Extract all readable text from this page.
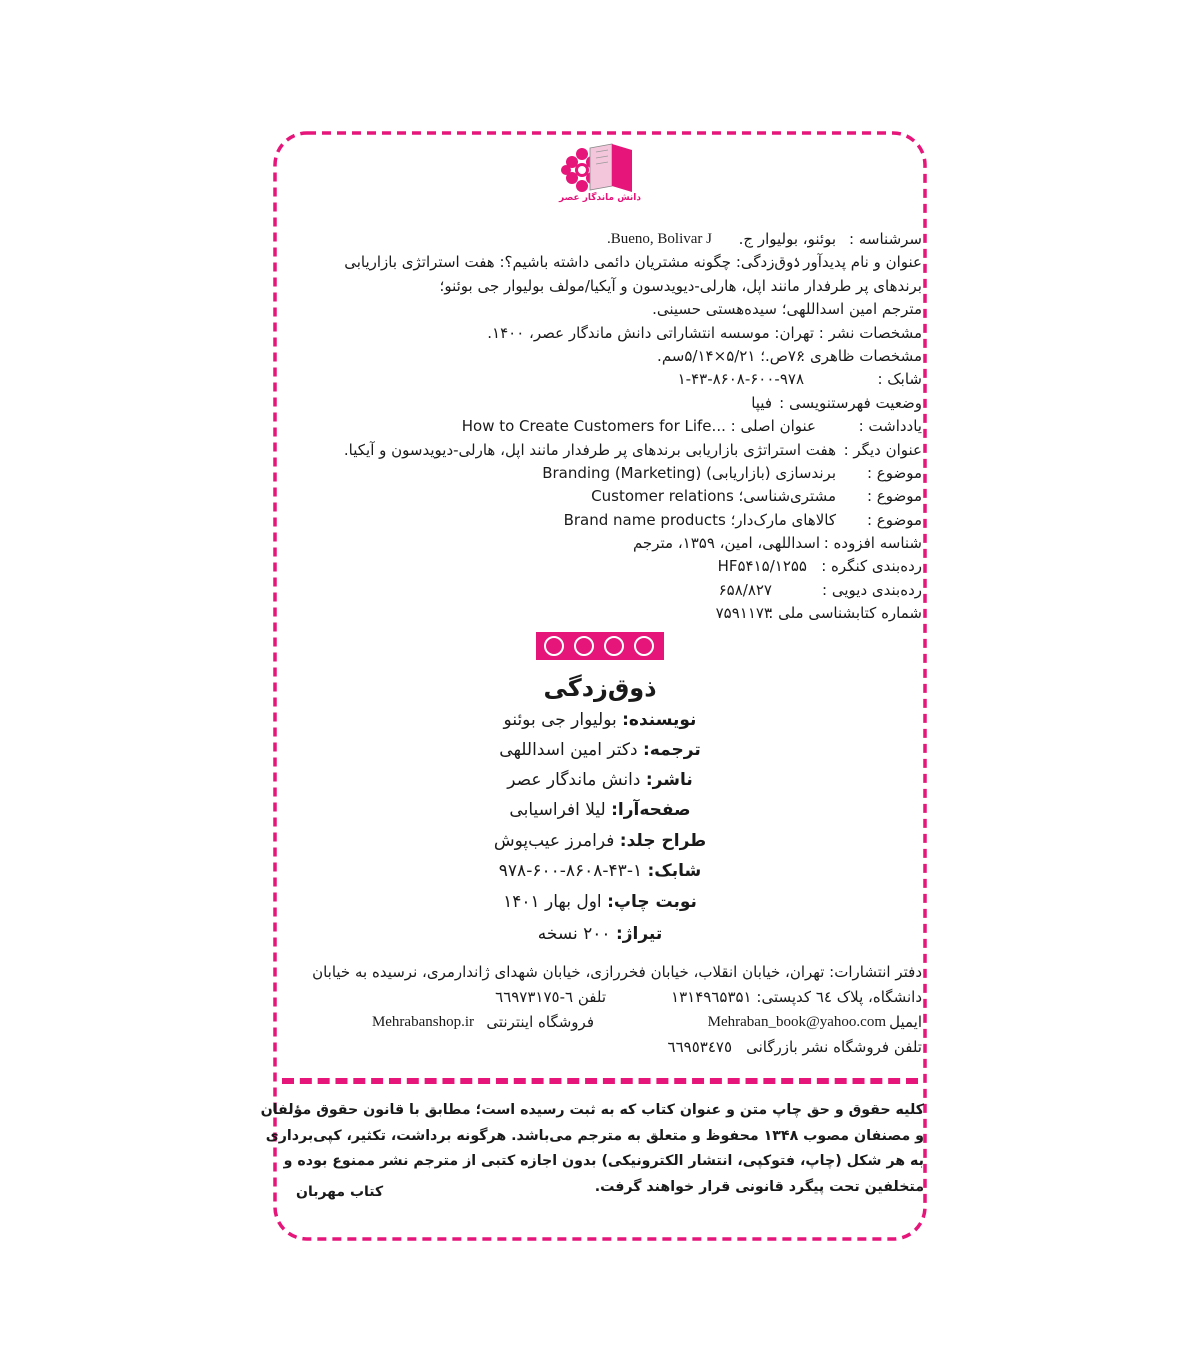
دانش ماندگار عصر
سرشناسه :
بوئنو، بولیوار ج.
Bueno, Bolivar J.
عنوان و نام پدیدآور :
ذوق‌زدگی: چگونه مشتریان دائمی داشته باشیم؟: هفت استراتژی بازاریابی
برندهای پر طرفدار مانند اپل، هارلی-دیویدسون و آیکیا/مولف بولیوار جی بوئنو؛
مترجم امین اسداللهی؛ سیده‌هستی حسینی.
مشخصات نشر :
تهران: موسسه انتشاراتی دانش ماندگار عصر، ۱۴۰۰.
مشخصات ظاهری :
۷۶ص.؛ ۵/۲۱×۵/۱۴سم.
شابک :
۱-۴۳-۸۶۰۸-۶۰۰-۹۷۸
وضعیت فهرستنویسی :
فیپا
یادداشت :
عنوان اصلی : ...How to Create Customers for Life
عنوان دیگر :
هفت استراتژی بازاریابی برندهای پر طرفدار مانند اپل، هارلی-دیویدسون و آیکیا.
موضوع :
برندسازی (بازاریابی) (Branding (Marketing
موضوع :
مشتری‌شناسی؛ Customer relations
موضوع :
کالاهای مارک‌دار؛ Brand name products
شناسه افزوده :
اسداللهی، امین، ۱۳۵۹، مترجم
رده‌بندی کنگره :
HF۵۴۱۵/۱۲۵۵
رده‌بندی دیویی :
۶۵۸/۸۲۷
شماره کتابشناسی ملی :
۷۵۹۱۱۷۳
ذوق‌زدگی
نویسنده: بولیوار جی بوئنو
ترجمه: دکتر امین اسداللهی
ناشر: دانش ماندگار عصر
صفحه‌آرا: لیلا افراسیابی
طراح جلد: فرامرز عیب‌پوش
شابک: ۱-۴۳-۸۶۰۸-۶۰۰-۹۷۸
نوبت چاپ: اول بهار ۱۴۰۱
تیراژ: ۲۰۰ نسخه
دفتر انتشارات: تهران، خیابان انقلاب، خیابان فخررازی، خیابان شهدای ژاندارمری، نرسیده به خیابان
دانشگاه، پلاک ٦٤ کدپستی: ۱۳۱۴۹٦۵۳۵۱
تلفن ٦-٦٦٩٧٣١٧٥
ایمیل
Mehraban_book@yahoo.com
فروشگاه اینترنتی
Mehrabanshop.ir
تلفن فروشگاه نشر بازرگانی
٦٦٩٥٣٤٧٥

کلیه حقوق و حق چاپ متن و عنوان کتاب که به ثبت رسیده است؛ مطابق با قانون حقوق مؤلفان

و مصنفان مصوب ۱۳۴۸ محفوظ و متعلق به مترجم می‌باشد. هرگونه برداشت، تکثیر، کپی‌برداری

به هر شکل (چاپ، فتوکپی، انتشار الکترونیکی) بدون اجازه کتبی از مترجم نشر ممنوع بوده و

متخلفین تحت پیگرد قانونی قرار خواهند گرفت.

کتاب مهربان
